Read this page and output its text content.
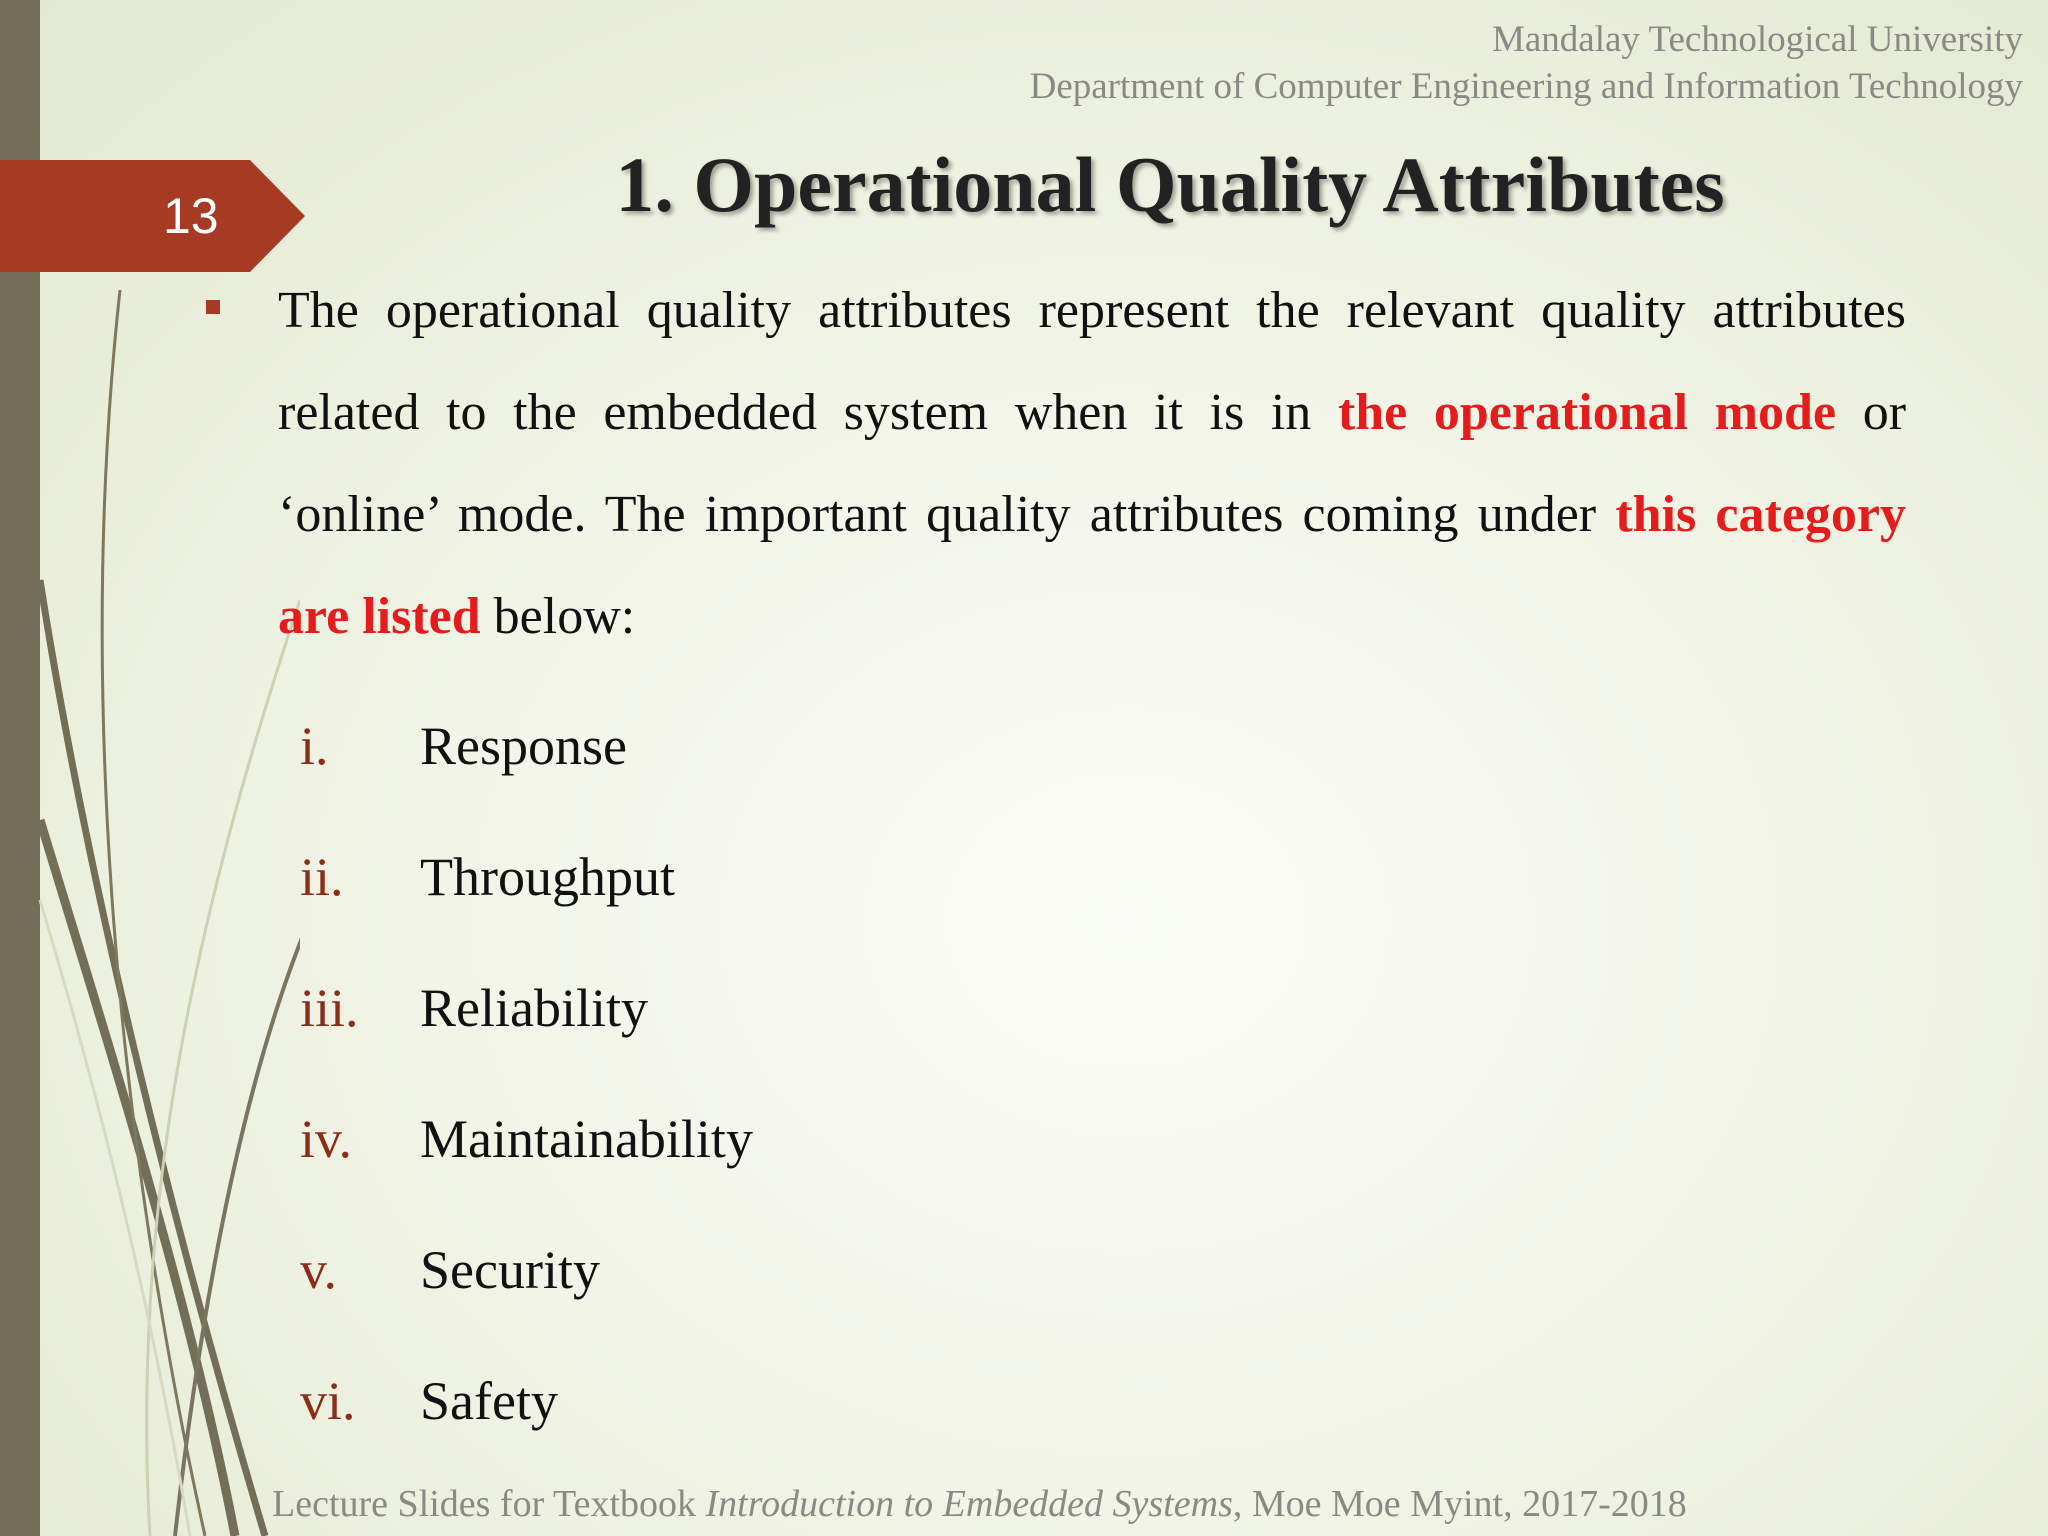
Mandalay Technological University
Department of Computer Engineering and Information Technology
13	1. Operational Quality Attributes
The operational quality attributes represent the relevant quality attributes related to the embedded system when it is in the operational mode or ‘online’ mode. The important quality attributes coming under this category are listed below:
i. Response
ii. Throughput
iii. Reliability
iv. Maintainability
v. Security
vi. Safety
Lecture Slides for Textbook Introduction to Embedded Systems, Moe Moe Myint, 2017-2018
